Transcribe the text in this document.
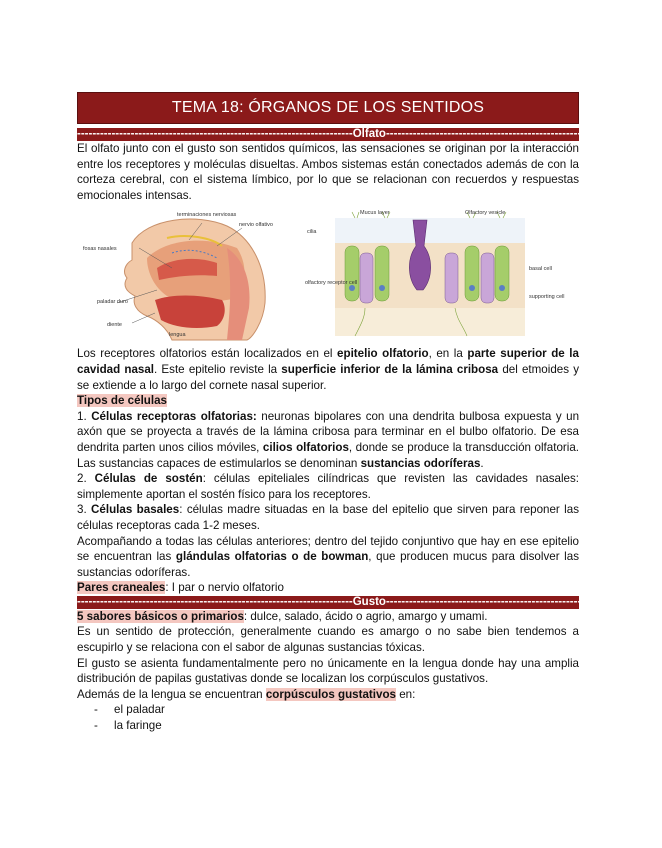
TEMA 18: ÓRGANOS DE LOS SENTIDOS
------------------------------------------------------------------------Olfato------------------------------------------------------------------------

El olfato junto con el gusto son sentidos químicos, las sensaciones se originan por la interacción entre los receptores y moléculas disueltas. Ambos sistemas están conectados además de con la corteza cerebral, con el sistema límbico, por lo que se relacionan con recuerdos y respuestas emocionales intensas.

fosas nasales
terminaciones nerviosas
nervio olfativo
paladar duro
diente
lengua
Mucus layer	Olfactory vesicle
cilia
basal cell
olfactory receptor cell
supporting cell

Los receptores olfatorios están localizados en el epitelio olfatorio, en la parte superior de la cavidad nasal. Este epitelio reviste la superficie inferior de la lámina cribosa del etmoides y se extiende a lo largo del cornete nasal superior.

Tipos de células

1. Células receptoras olfatorias: neuronas bipolares con una dendrita bulbosa expuesta y un axón que se proyecta a través de la lámina cribosa para terminar en el bulbo olfatorio. De esa dendrita parten unos cilios móviles, cilios olfatorios, donde se produce la transducción olfatoria. Las sustancias capaces de estimularlos se denominan sustancias odoríferas.

2. Células de sostén: células epiteliales cilíndricas que revisten las cavidades nasales: simplemente aportan el sostén físico para los receptores.

3. Células basales: células madre situadas en la base del epitelio que sirven para reponer las células receptoras cada 1-2 meses.

Acompañando a todas las células anteriores; dentro del tejido conjuntivo que hay en ese epitelio se encuentran las glándulas olfatorias o de bowman, que producen mucus para disolver las sustancias odoríferas.

Pares craneales: I par o nervio olfatorio

------------------------------------------------------------------------Gusto------------------------------------------------------------------------

5 sabores básicos o primarios: dulce, salado, ácido o agrio, amargo y umami.

Es un sentido de protección, generalmente cuando es amargo o no sabe bien tendemos a escupirlo y se relaciona con el sabor de algunas sustancias tóxicas.

El gusto se asienta fundamentalmente pero no únicamente en la lengua donde hay una amplia distribución de papilas gustativas donde se localizan los corpúsculos gustativos.

Además de la lengua se encuentran corpúsculos gustativos en:

- el paladar
- la faringe
